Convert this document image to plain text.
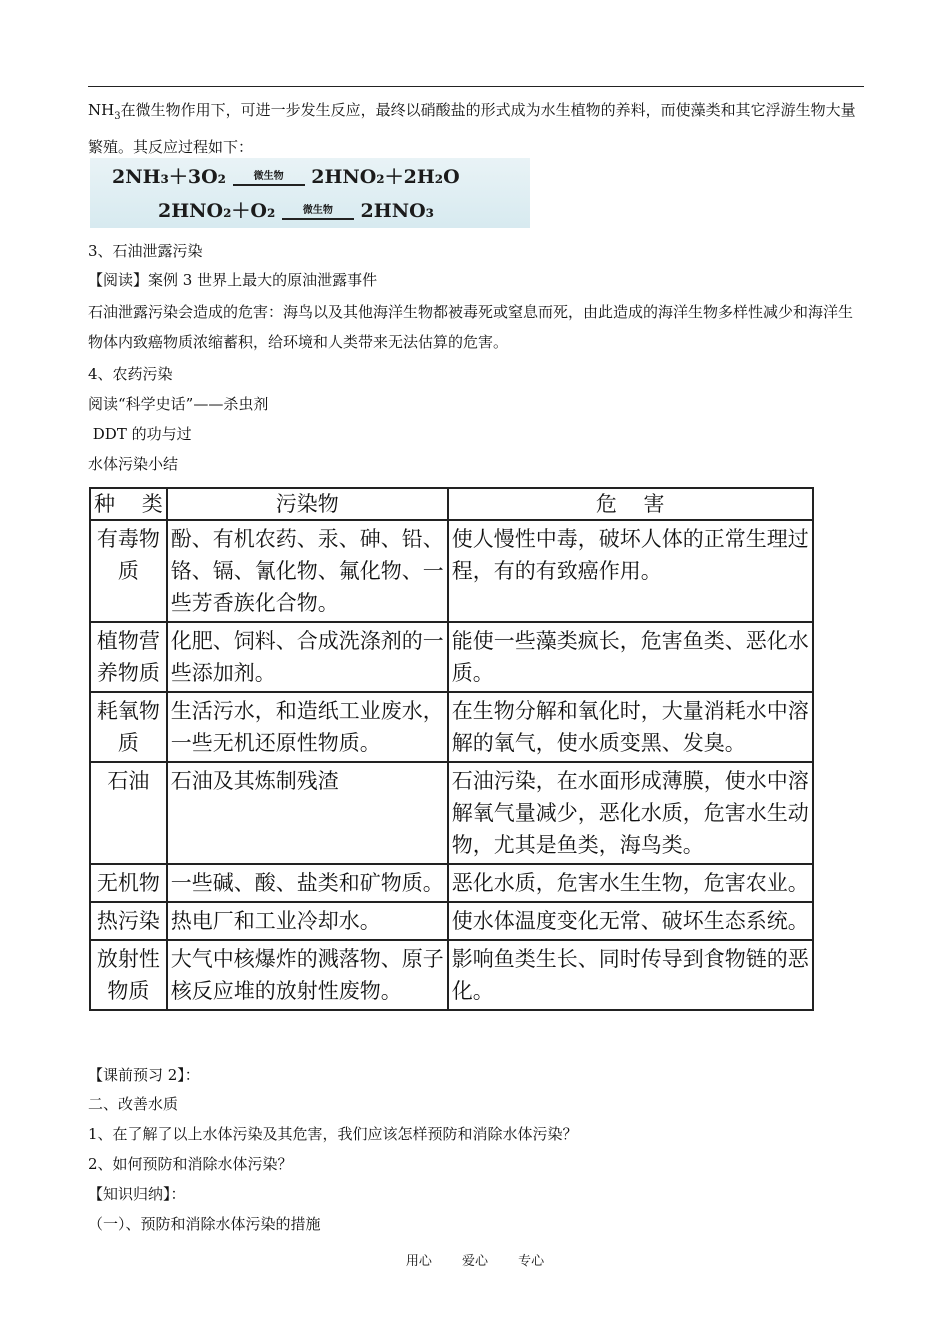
$NH_3$在微生物作用下，可进一步发生反应，最终以硝酸盐的形式成为水生植物的养料，而使藻类和其它浮游生物大量繁殖。其反应过程如下：
2NH₃＋3O₂	微生物	2HNO₂＋2H₂O
2HNO₂＋O₂	微生物	2HNO₃
3、石油泄露污染
【阅读】案例 3 世界上最大的原油泄露事件
石油泄露污染会造成的危害：海鸟以及其他海洋生物都被毒死或窒息而死，由此造成的海洋生物多样性减少和海洋生物体内致癌物质浓缩蓄积，给环境和人类带来无法估算的危害。
4、农药污染
阅读“科学史话”——杀虫剂
DDT 的功与过
水体污染小结
种    类	污染物	危    害
有毒物质	酚、有机农药、汞、砷、铅、铬、镉、氰化物、氟化物、一些芳香族化合物。	使人慢性中毒，破坏人体的正常生理过程，有的有致癌作用。
植物营养物质	化肥、饲料、合成洗涤剂的一些添加剂。	能使一些藻类疯长，危害鱼类、恶化水质。
耗氧物质	生活污水，和造纸工业废水，一些无机还原性物质。	在生物分解和氧化时，大量消耗水中溶解的氧气，使水质变黑、发臭。
石油	石油及其炼制残渣	石油污染，在水面形成薄膜，使水中溶解氧气量减少，恶化水质，危害水生动物，尤其是鱼类，海鸟类。
无机物	一些碱、酸、盐类和矿物质。	恶化水质，危害水生生物，危害农业。
热污染	热电厂和工业冷却水。	使水体温度变化无常、破坏生态系统。
放射性物质	大气中核爆炸的溅落物、原子核反应堆的放射性废物。	影响鱼类生长、同时传导到食物链的恶化。
【课前预习 2】：
二、改善水质
1、在了解了以上水体污染及其危害，我们应该怎样预防和消除水体污染？
2、如何预防和消除水体污染？
【知识归纳】：
（一）、预防和消除水体污染的措施
用心 爱心 专心
